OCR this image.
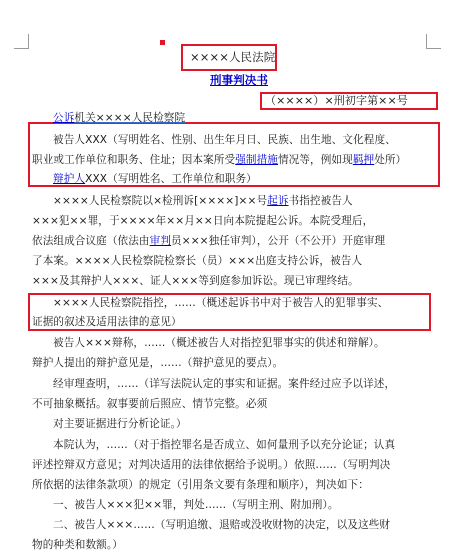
××××人民法院
刑事判决书
（××××）×刑初字第××号
公诉机关××××人民检察院
被告人XXX（写明姓名、性别、出生年月日、民族、出生地、文化程度、
职业或工作单位和职务、住址；因本案所受强制措施情况等，例如现羁押处所）
辩护人XXX（写明姓名、工作单位和职务）
××××人民检察院以×检刑诉[××××]××号起诉书指控被告人
×××犯××罪，于××××年××月××日向本院提起公诉。本院受理后，
依法组成合议庭（依法由审判员×××独任审判），公开（不公开）开庭审理
了本案。××××人民检察院检察长（员）×××出庭支持公诉，被告人
×××及其辩护人×××、证人×××等到庭参加诉讼。现已审理终结。
××××人民检察院指控，……（概述起诉书中对于被告人的犯罪事实、
证据的叙述及适用法律的意见）
被告人×××辩称，……（概述被告人对指控犯罪事实的供述和辩解）。
辩护人提出的辩护意见是，……（辩护意见的要点）。
经审理查明，……（详写法院认定的事实和证据。案件经过应予以详述，
不可抽象概括。叙事要前后照应、情节完整。必须
对主要证据进行分析论证。）
本院认为，……（对于指控罪名是否成立、如何量刑予以充分论证；认真
评述控辩双方意见；对判决适用的法律依据给予说明。）依照……（写明判决
所依据的法律条款项）的规定（引用条文要有条理和顺序），判决如下：
一、被告人×××犯××罪，判处……（写明主刑、附加刑）。
二、被告人×××……（写明追缴、退赔或没收财物的决定，以及这些财
物的种类和数额。）
